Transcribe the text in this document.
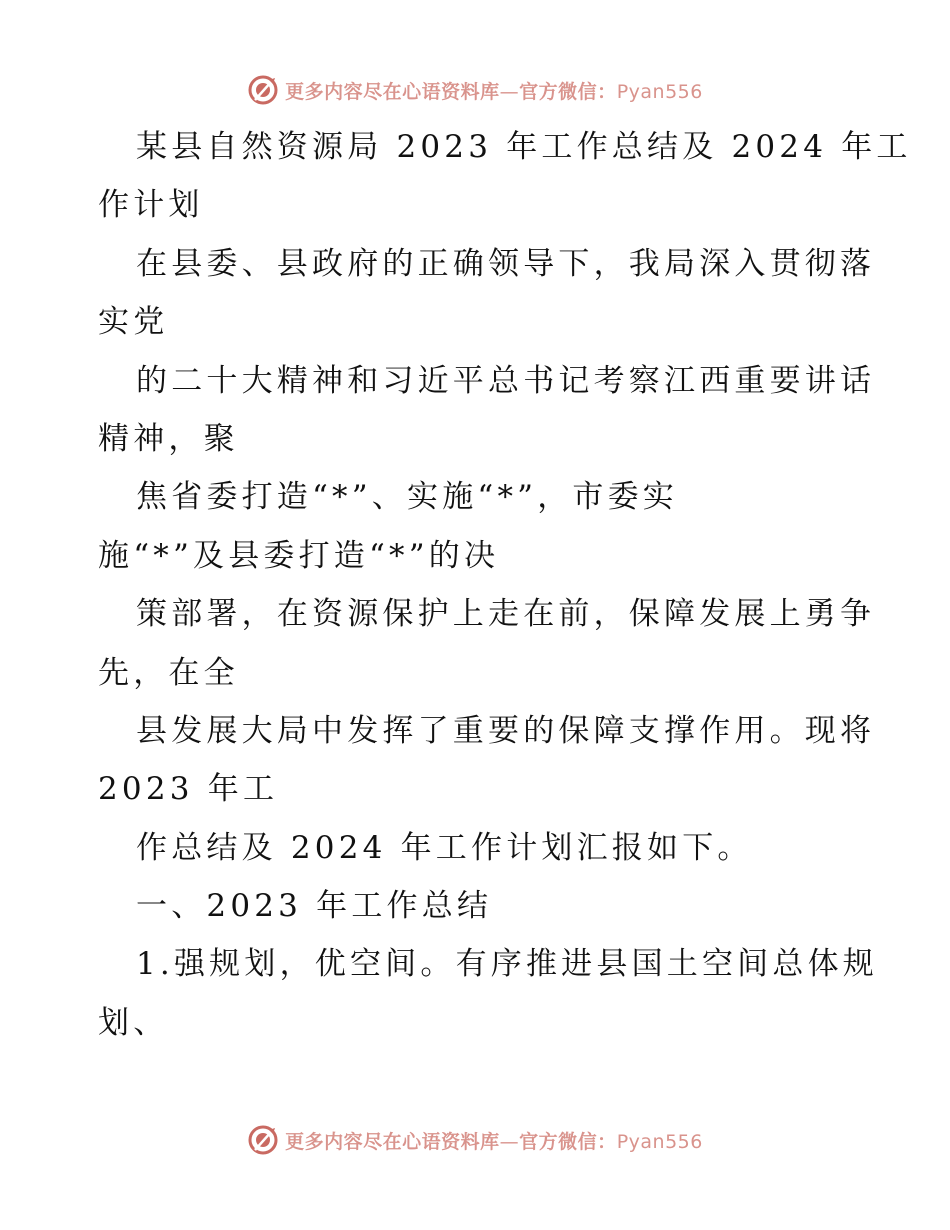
更多内容尽在心语资料库—官方微信：Pyan556
某县自然资源局 2023 年工作总结及 2024 年工
作计划
在县委、县政府的正确领导下，我局深入贯彻落
实党
的二十大精神和习近平总书记考察江西重要讲话
精神，聚
焦省委打造“*”、实施“*”，市委实
施“*”及县委打造“*”的决
策部署，在资源保护上走在前，保障发展上勇争
先，在全
县发展大局中发挥了重要的保障支撑作用。现将
2023 年工
作总结及 2024 年工作计划汇报如下。
一、2023 年工作总结
1.强规划，优空间。有序推进县国土空间总体规
划、
更多内容尽在心语资料库—官方微信：Pyan556
